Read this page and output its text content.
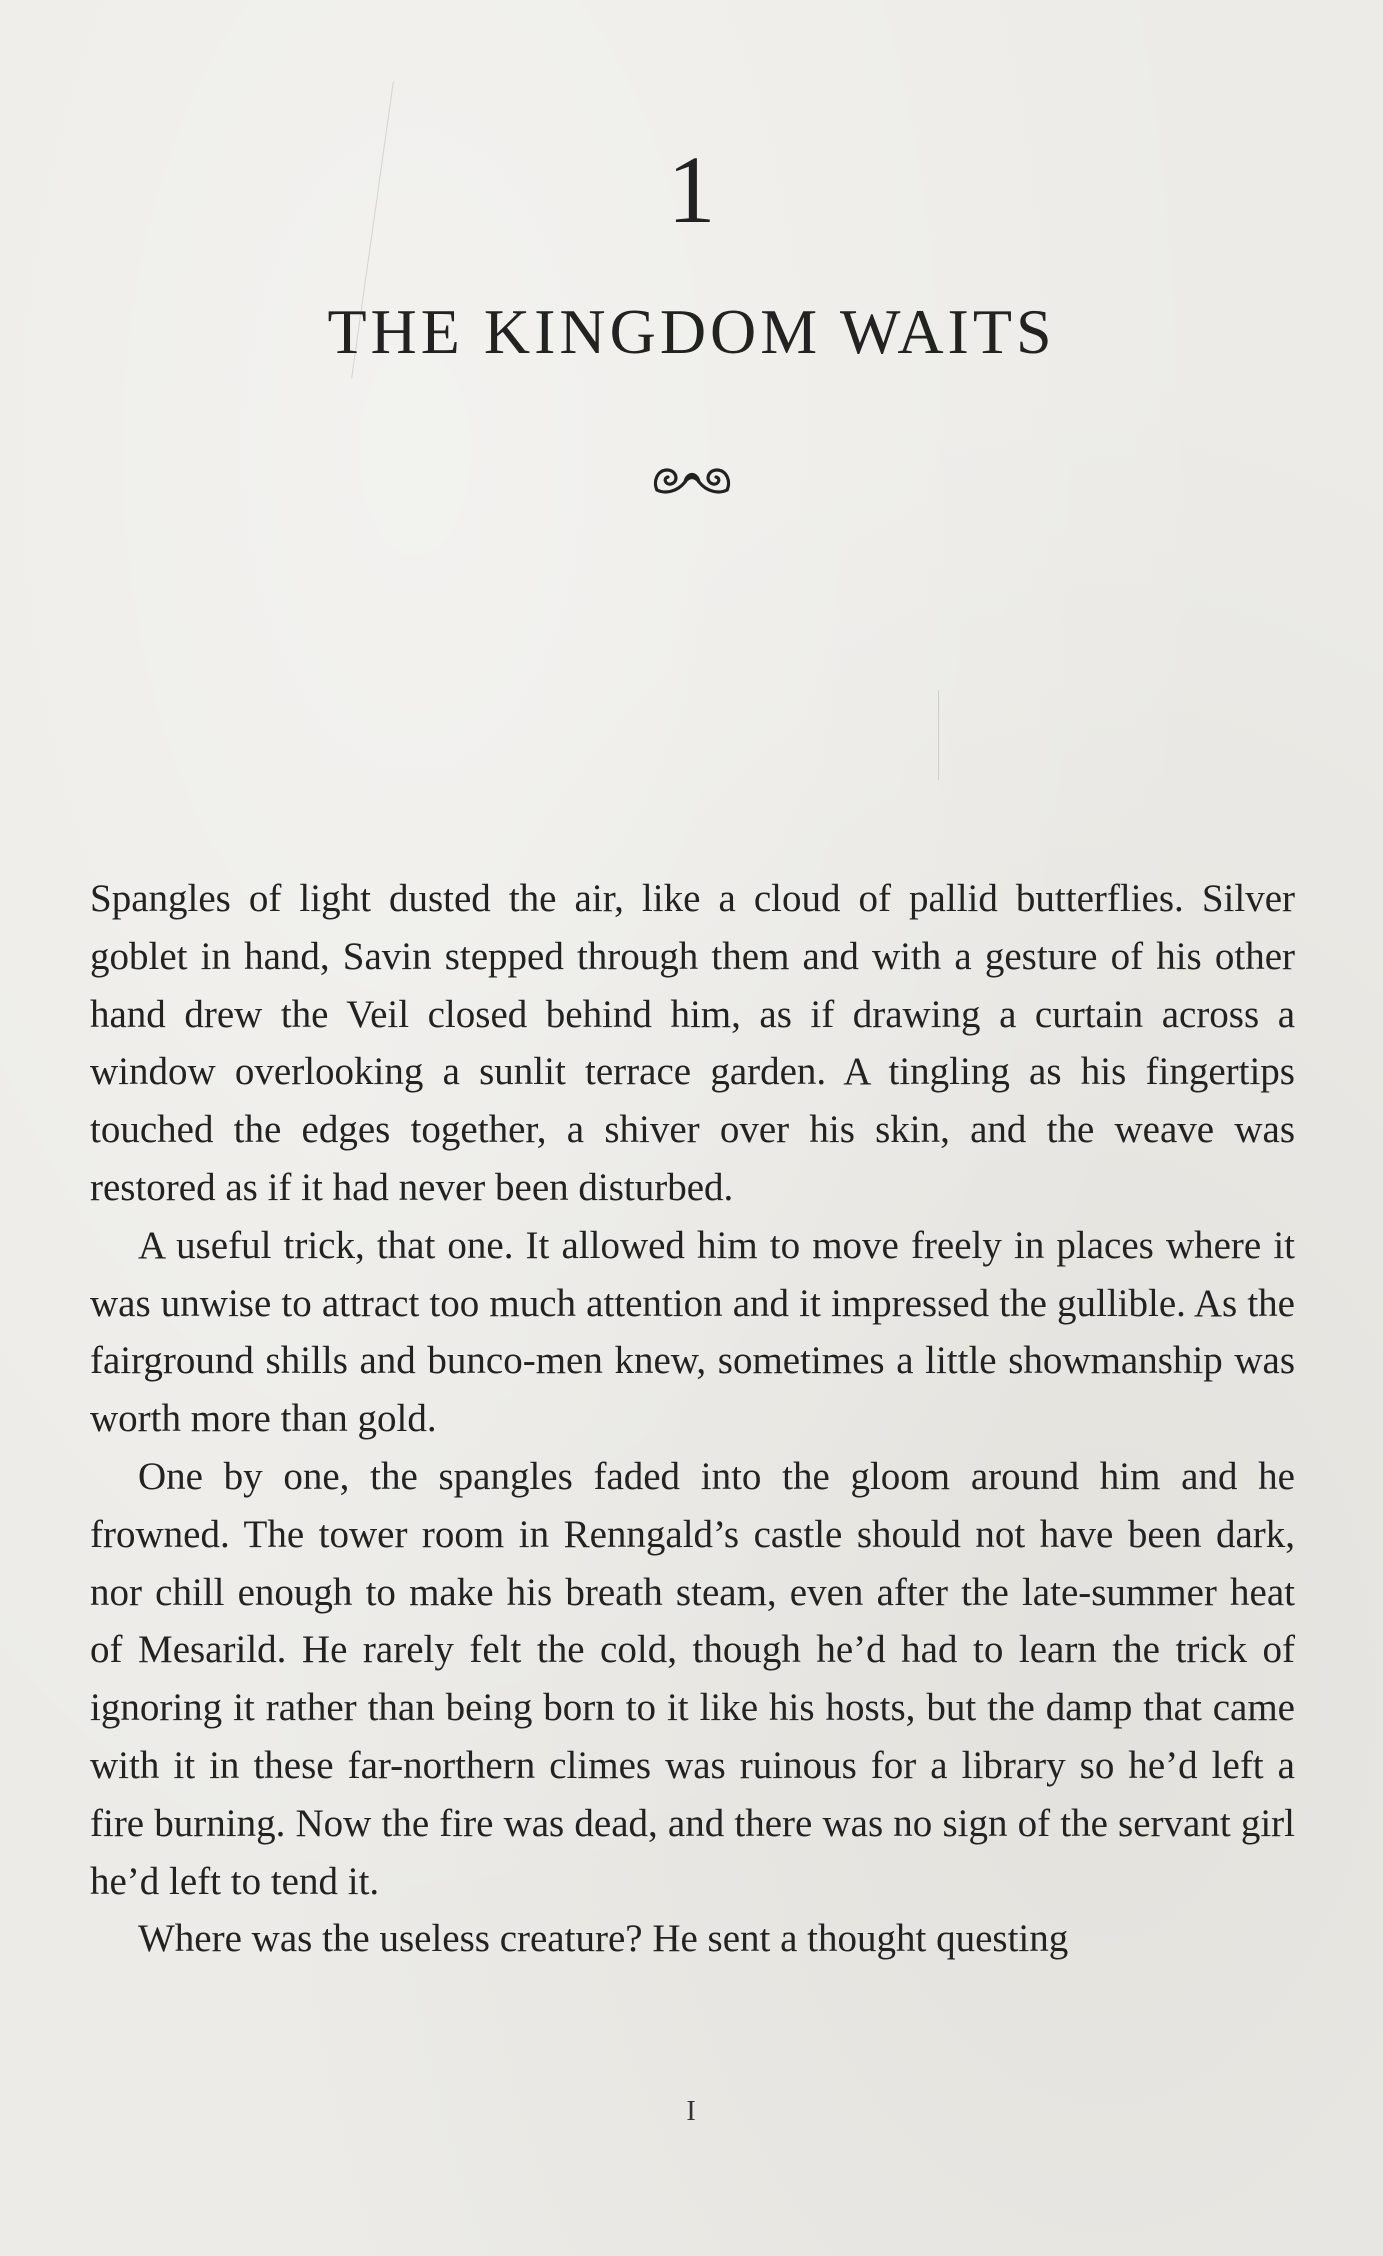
1
THE KINGDOM WAITS

Spangles of light dusted the air, like a cloud of pallid butterflies. Silver goblet in hand, Savin stepped through them and with a gesture of his other hand drew the Veil closed behind him, as if drawing a curtain across a window overlooking a sunlit terrace garden. A tingling as his fingertips touched the edges together, a shiver over his skin, and the weave was restored as if it had never been disturbed.

A useful trick, that one. It allowed him to move freely in places where it was unwise to attract too much attention and it impressed the gullible. As the fairground shills and bunco-men knew, sometimes a little showmanship was worth more than gold.

One by one, the spangles faded into the gloom around him and he frowned. The tower room in Renngald’s castle should not have been dark, nor chill enough to make his breath steam, even after the late-summer heat of Mesarild. He rarely felt the cold, though he’d had to learn the trick of ignoring it rather than being born to it like his hosts, but the damp that came with it in these far-northern climes was ruinous for a library so he’d left a fire burning. Now the fire was dead, and there was no sign of the servant girl he’d left to tend it.

Where was the useless creature? He sent a thought questing

I
